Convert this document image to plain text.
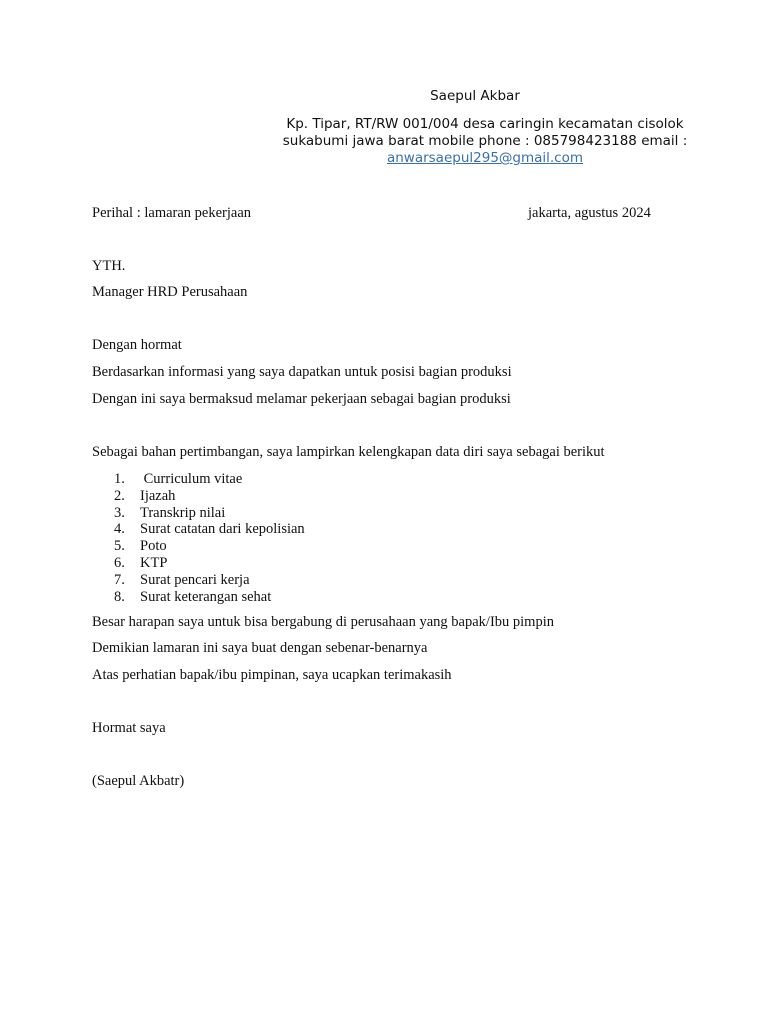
Saepul Akbar
Kp. Tipar, RT/RW 001/004 desa caringin kecamatan cisolok
sukabumi jawa barat mobile phone : 085798423188 email :
anwarsaepul295@gmail.com
Perihal : lamaran pekerjaan	jakarta, agustus 2024
YTH.
Manager HRD Perusahaan
Dengan hormat
Berdasarkan informasi yang saya dapatkan untuk posisi bagian produksi
Dengan ini saya bermaksud melamar pekerjaan sebagai bagian produksi
Sebagai bahan pertimbangan, saya lampirkan kelengkapan data diri saya sebagai berikut
1. Curriculum vitae
2. Ijazah
3. Transkrip nilai
4. Surat catatan dari kepolisian
5. Poto
6. KTP
7. Surat pencari kerja
8. Surat keterangan sehat
Besar harapan saya untuk bisa bergabung di perusahaan yang bapak/Ibu pimpin
Demikian lamaran ini saya buat dengan sebenar-benarnya
Atas perhatian bapak/ibu pimpinan, saya ucapkan terimakasih
Hormat saya
(Saepul Akbatr)
